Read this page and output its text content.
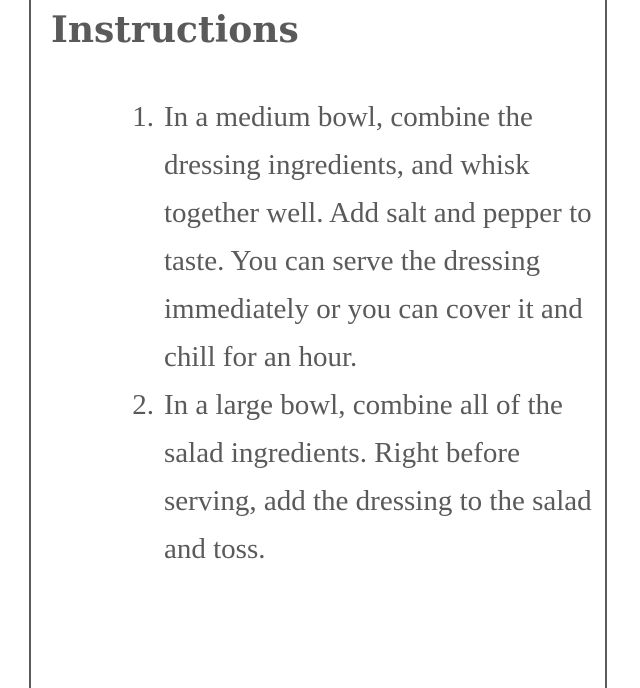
Instructions
1. In a medium bowl, combine the dressing ingredients, and whisk together well. Add salt and pepper to taste. You can serve the dressing immediately or you can cover it and chill for an hour.
2. In a large bowl, combine all of the salad ingredients. Right before serving, add the dressing to the salad and toss.
